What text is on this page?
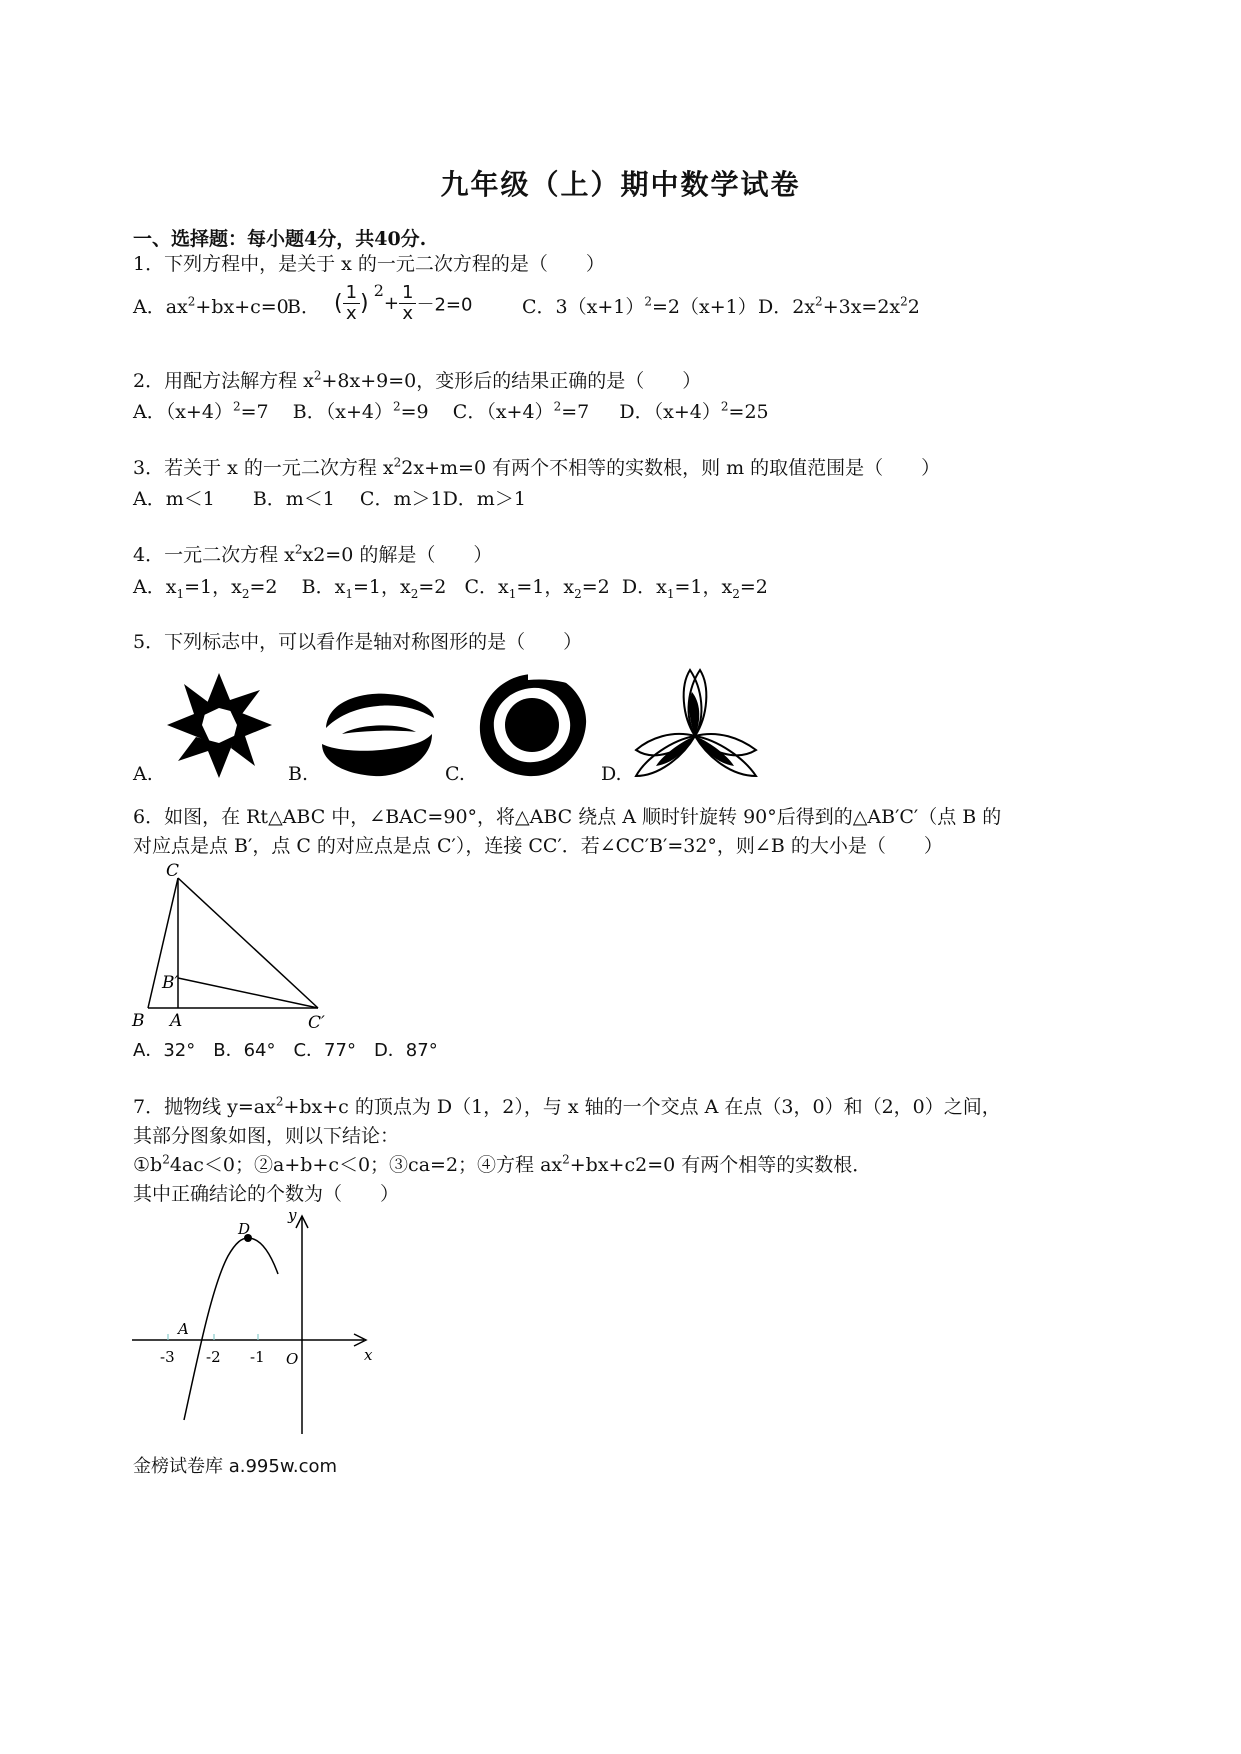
九年级（上）期中数学试卷
一、选择题：每小题4分，共40分.
1．下列方程中，是关于 x 的一元二次方程的是（　　）
A．$ax^2+bx+c=0$
B． ( $\frac{1}{x}$ ) $^2+ \frac{1}{x} -2=0$	C．$3(x+1)^2=2(x+1)$ D．$2x^2+3x=2x^22$
2．用配方法解方程 $x^2+8x+9=0$，变形后的结果正确的是（　　）
A．$(x+4)^2=7$ B．$(x+4)^2=9$ C．$(x+4)^2=7$ D．$(x+4)^2=25$
3．若关于 x 的一元二次方程 $x^22x+m=0$ 有两个不相等的实数根，则 m 的取值范围是（　　）
A．m＜1　　B．m＜1　 C．m＞1D．m＞1
4．一元二次方程 $x^2x2=0$ 的解是（　　）
A．$x_1=1$，$x_2=2$ B．$x_1=1$，$x_2=2$ C．$x_1=1$，$x_2=2$ D．$x_1=1$，$x_2=2$
5．下列标志中，可以看作是轴对称图形的是（　　）
A.	B.	C.	D.
6．如图，在 Rt△ABC 中，∠BAC=90°，将△ABC 绕点 A 顺时针旋转 90°后得到的△AB′C′（点 B 的
对应点是点 B′，点 C 的对应点是点 C′），连接 CC′．若∠CC′B′=32°，则∠B 的大小是（　　）
C
B′
B A	C′
A．32°　B．64°　C．77°　D．87°
7．抛物线 $y=ax^2+bx+c$ 的顶点为 D（1，2），与 x 轴的一个交点 A 在点（3，0）和（2，0）之间，
其部分图象如图，则以下结论：
$①b^24ac<0$；②a+b+c＜0；③ca=2；④方程 $ax^2+bx+c2=0$ 有两个相等的实数根．
其中正确结论的个数为（　　）
y
x
D
A
-3 -2 -1 O
金榜试卷库 a.995w.com
